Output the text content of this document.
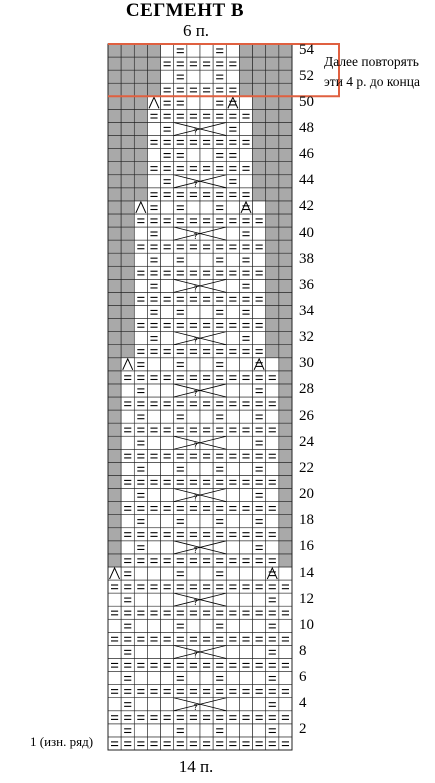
СЕГМЕНТ В
6 п.
?
?
?
?
?
?
?
?
?
?
?
?
54
52
50
48
46
44
42
40
38
36
34
32
30
28
26
24
22
20
18
16
14
12
10
8
6
4
2
Далее повторять
эти 4 р. до конца
1 (изн. ряд)
14 п.
